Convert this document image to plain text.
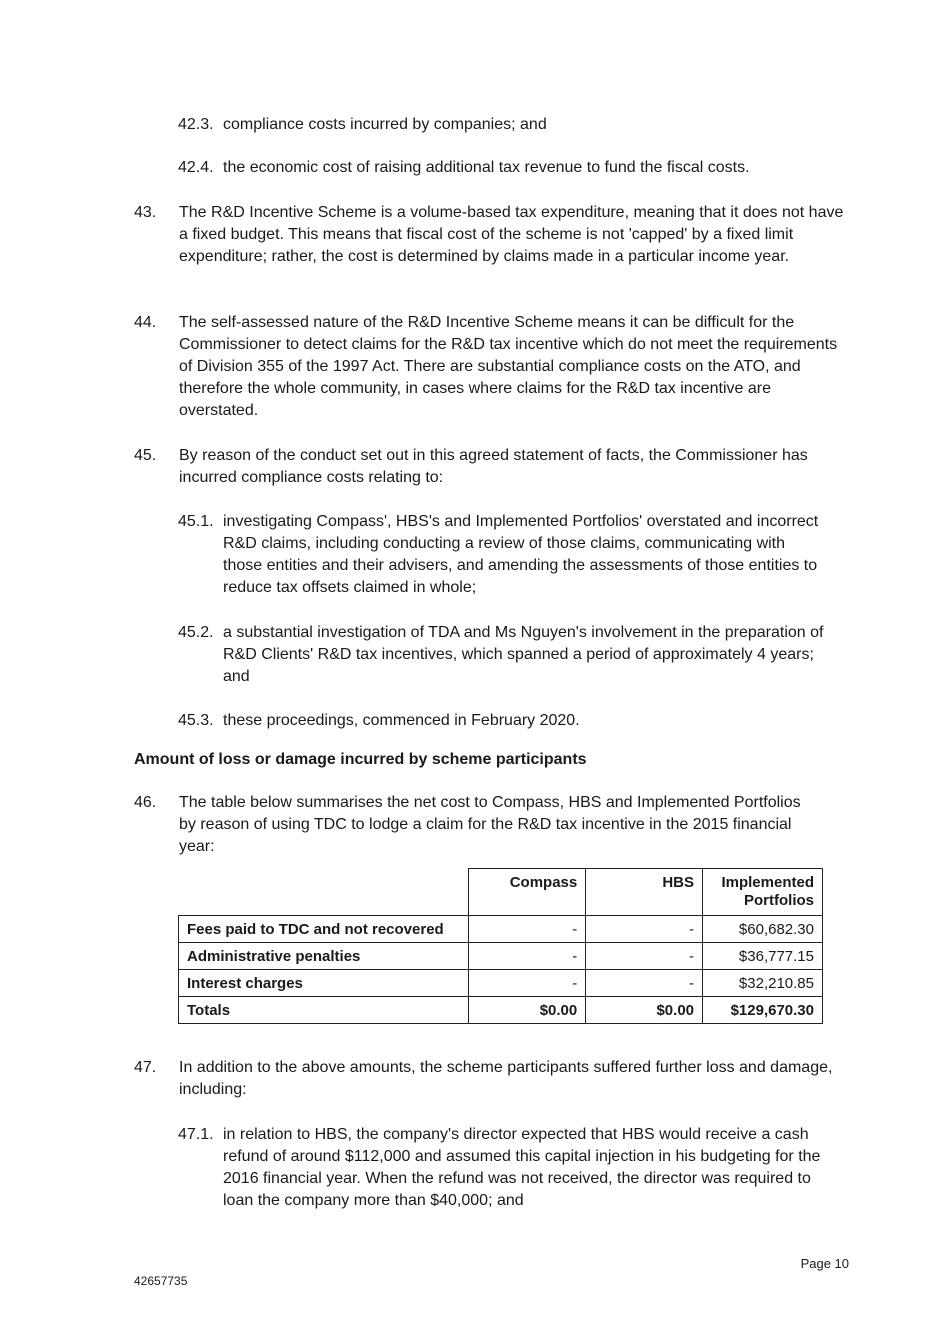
42.3. compliance costs incurred by companies; and
42.4. the economic cost of raising additional tax revenue to fund the fiscal costs.
43. The R&D Incentive Scheme is a volume-based tax expenditure, meaning that it does not have a fixed budget. This means that fiscal cost of the scheme is not 'capped' by a fixed limit expenditure; rather, the cost is determined by claims made in a particular income year.
44. The self-assessed nature of the R&D Incentive Scheme means it can be difficult for the Commissioner to detect claims for the R&D tax incentive which do not meet the requirements of Division 355 of the 1997 Act. There are substantial compliance costs on the ATO, and therefore the whole community, in cases where claims for the R&D tax incentive are overstated.
45. By reason of the conduct set out in this agreed statement of facts, the Commissioner has incurred compliance costs relating to:
45.1. investigating Compass', HBS's and Implemented Portfolios' overstated and incorrect R&D claims, including conducting a review of those claims, communicating with those entities and their advisers, and amending the assessments of those entities to reduce tax offsets claimed in whole;
45.2. a substantial investigation of TDA and Ms Nguyen's involvement in the preparation of R&D Clients' R&D tax incentives, which spanned a period of approximately 4 years; and
45.3. these proceedings, commenced in February 2020.
Amount of loss or damage incurred by scheme participants
46. The table below summarises the net cost to Compass, HBS and Implemented Portfolios by reason of using TDC to lodge a claim for the R&D tax incentive in the 2015 financial year:
	Compass	HBS	Implemented Portfolios
Fees paid to TDC and not recovered	-	-	$60,682.30
Administrative penalties	-	-	$36,777.15
Interest charges	-	-	$32,210.85
Totals	$0.00	$0.00	$129,670.30
47. In addition to the above amounts, the scheme participants suffered further loss and damage, including:
47.1. in relation to HBS, the company's director expected that HBS would receive a cash refund of around $112,000 and assumed this capital injection in his budgeting for the 2016 financial year. When the refund was not received, the director was required to loan the company more than $40,000; and
Page 10
42657735
